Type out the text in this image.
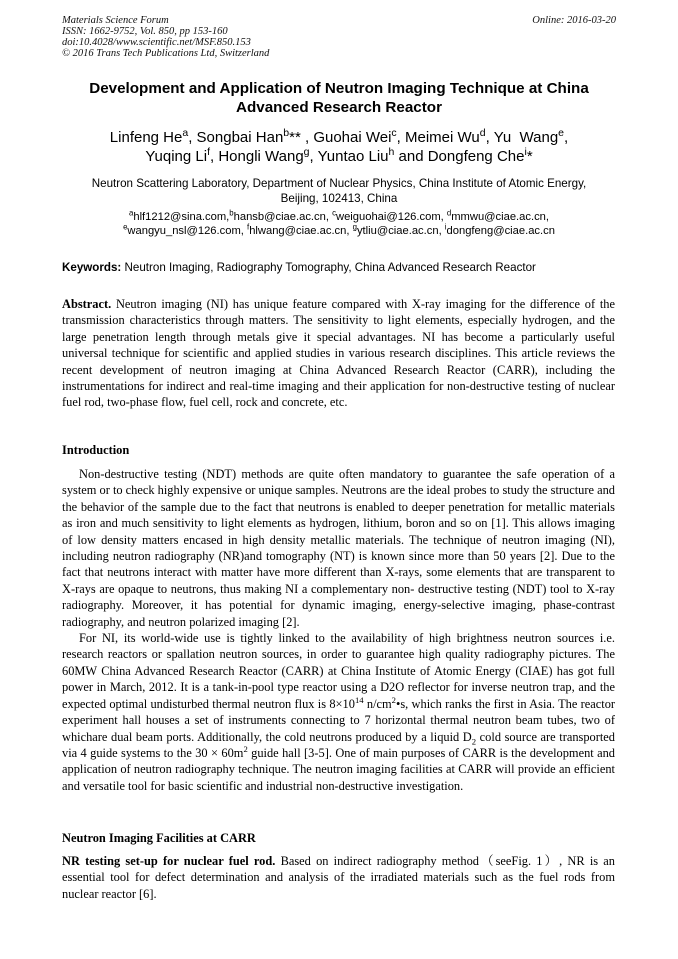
Materials Science Forum
ISSN: 1662-9752, Vol. 850, pp 153-160
doi:10.4028/www.scientific.net/MSF.850.153
© 2016 Trans Tech Publications Ltd, Switzerland
Online: 2016-03-20
Development and Application of Neutron Imaging Technique at China
Advanced Research Reactor
Linfeng He$^a$, Songbai Han$^b$** , Guohai Wei$^c$, Meimei Wu$^d$, Yu  Wang$^e$,
Yuqing Li$^f$, Hongli Wang$^g$, Yuntao Liu$^h$ and Dongfeng Che$^i$*
Neutron Scattering Laboratory, Department of Nuclear Physics, China Institute of Atomic Energy,
Beijing, 102413, China
$^a$hlf1212@sina.com,$^b$hansb@ciae.ac.cn, $^c$weiguohai@126.com, $^d$mmwu@ciae.ac.cn,
$^e$wangyu_nsl@126.com, $^f$hlwang@ciae.ac.cn, $^g$ytliu@ciae.ac.cn, $^i$dongfeng@ciae.ac.cn
Keywords: Neutron Imaging, Radiography Tomography, China Advanced Research Reactor

Abstract. Neutron imaging (NI) has unique feature compared with X-ray imaging for the difference of the transmission characteristics through matters. The sensitivity to light elements, especially hydrogen, and the large penetration length through metals give it special advantages. NI has become a particularly useful universal technique for scientific and applied studies in various research disciplines. This article reviews the recent development of neutron imaging at China Advanced Research Reactor (CARR), including the instrumentations for indirect and real-time imaging and their application for non-destructive testing of nuclear fuel rod, two-phase flow, fuel cell, rock and concrete, etc.

Introduction

Non-destructive testing (NDT) methods are quite often mandatory to guarantee the safe operation of a system or to check highly expensive or unique samples. Neutrons are the ideal probes to study the structure and the behavior of the sample due to the fact that neutrons is enabled to deeper penetration for metallic materials as iron and much sensitivity to light elements as hydrogen, lithium, boron and so on [1]. This allows imaging of low density matters encased in high density metallic materials. The technique of neutron imaging (NI), including neutron radiography (NR)and tomography (NT) is known since more than 50 years [2]. Due to the fact that neutrons interact with matter have more different than X-rays, some elements that are transparent to X-rays are opaque to neutrons, thus making NI a complementary non- destructive testing (NDT) tool to X-ray radiography. Moreover, it has potential for dynamic imaging, energy-selective imaging, phase-contrast radiography, and neutron polarized imaging [2].

For NI, its world-wide use is tightly linked to the availability of high brightness neutron sources i.e. research reactors or spallation neutron sources, in order to guarantee high quality radiography pictures. The 60MW China Advanced Research Reactor (CARR) at China Institute of Atomic Energy (CIAE) has got full power in March, 2012. It is a tank-in-pool type reactor using a D2O reflector for inverse neutron trap, and the expected optimal undisturbed thermal neutron flux is $8\times 10^{14}$ $n/cm^2•s$, which ranks the first in Asia. The reactor experiment hall houses a set of instruments connecting to 7 horizontal thermal neutron beam tubes, two of whichare dual beam ports. Additionally, the cold neutrons produced by a liquid $D_2$ cold source are transported via 4 guide systems to the $30 \times 60m^2$ guide hall [3-5]. One of main purposes of CARR is the development and application of neutron radiography technique. The neutron imaging facilities at CARR will provide an efficient and versatile tool for basic scientific and industrial non-destructive investigation.

Neutron Imaging Facilities at CARR

NR testing set-up for nuclear fuel rod. Based on indirect radiography method（seeFig. 1）, NR is an essential tool for defect determination and analysis of the irradiated materials such as the fuel rods from nuclear reactor [6].
